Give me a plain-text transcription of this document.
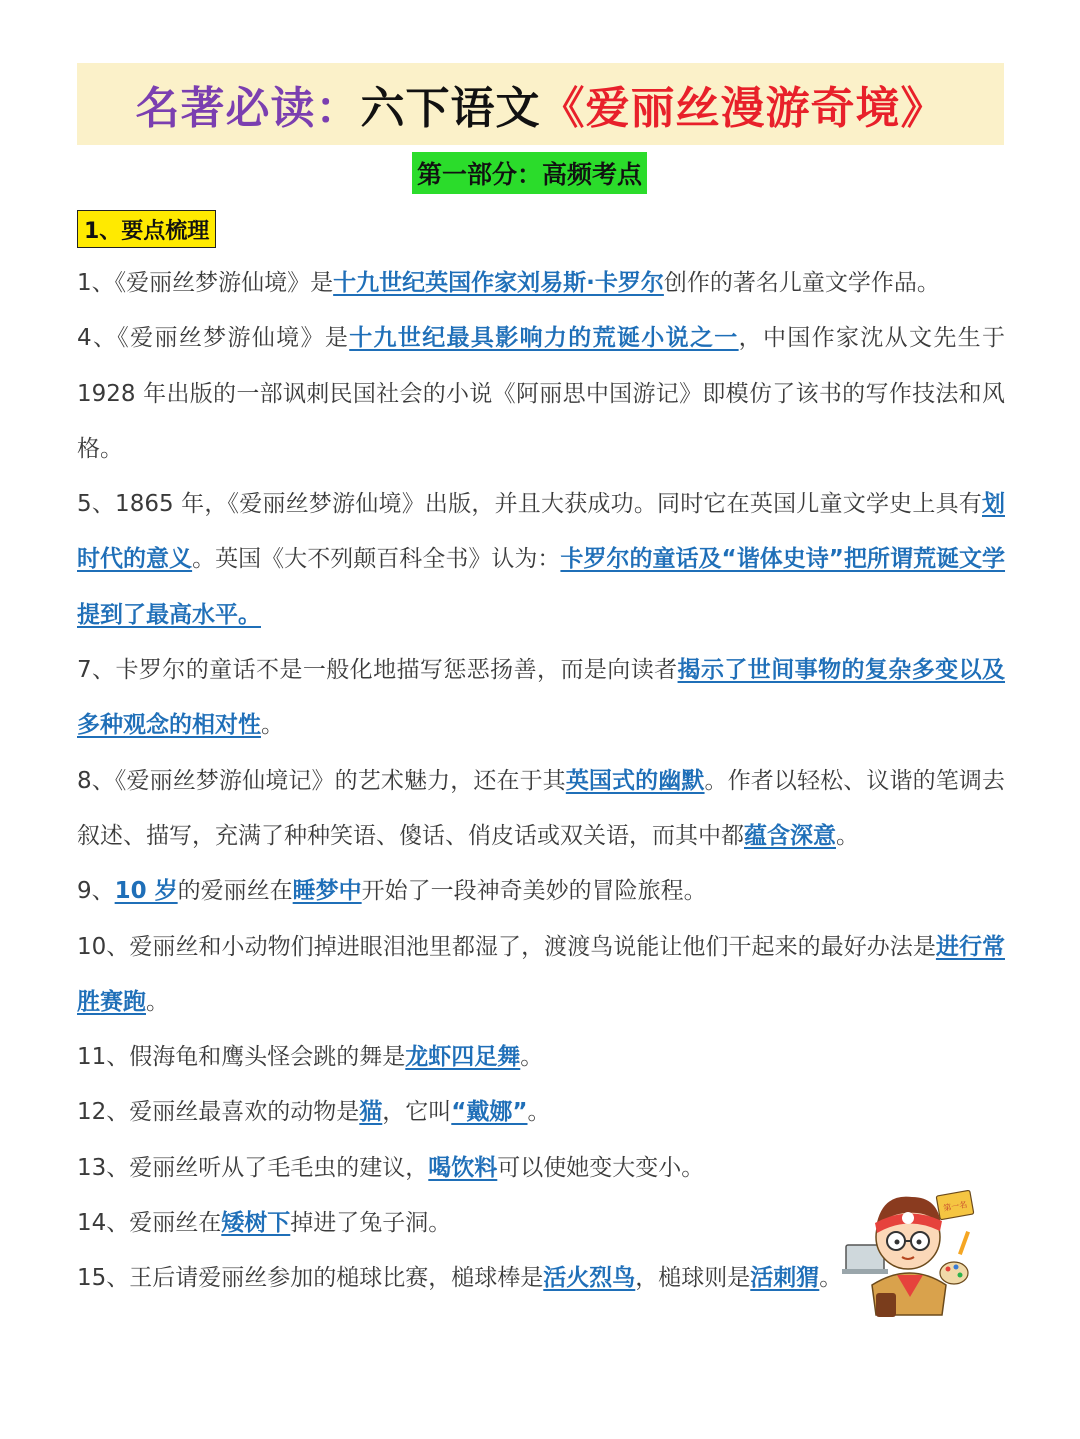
名著必读： 六下语文 《爱丽丝漫游奇境》
第一部分：高频考点
1、要点梳理

1、《爱丽丝梦游仙境》是十九世纪英国作家刘易斯·卡罗尔创作的著名儿童文学作品。

4、《爱丽丝梦游仙境》是十九世纪最具影响力的荒诞小说之一，中国作家沈从文先生于 1928 年出版的一部讽刺民国社会的小说《阿丽思中国游记》即模仿了该书的写作技法和风格。

5、1865 年，《爱丽丝梦游仙境》出版，并且大获成功。同时它在英国儿童文学史上具有划时代的意义。英国《大不列颠百科全书》认为：卡罗尔的童话及“谐体史诗”把所谓荒诞文学提到了最高水平。

7、卡罗尔的童话不是一般化地描写惩恶扬善，而是向读者揭示了世间事物的复杂多变以及多种观念的相对性。

8、《爱丽丝梦游仙境记》的艺术魅力，还在于其英国式的幽默。作者以轻松、议谐的笔调去叙述、描写，充满了种种笑语、傻话、俏皮话或双关语，而其中都蕴含深意。

9、10 岁的爱丽丝在睡梦中开始了一段神奇美妙的冒险旅程。

10、爱丽丝和小动物们掉进眼泪池里都湿了，渡渡鸟说能让他们干起来的最好办法是进行常胜赛跑。

11、假海龟和鹰头怪会跳的舞是龙虾四足舞。

12、爱丽丝最喜欢的动物是猫，它叫“戴娜”。

13、爱丽丝听从了毛毛虫的建议，喝饮料可以使她变大变小。

14、爱丽丝在矮树下掉进了兔子洞。

15、王后请爱丽丝参加的槌球比赛，槌球棒是活火烈鸟，槌球则是活刺猬。

第一名
